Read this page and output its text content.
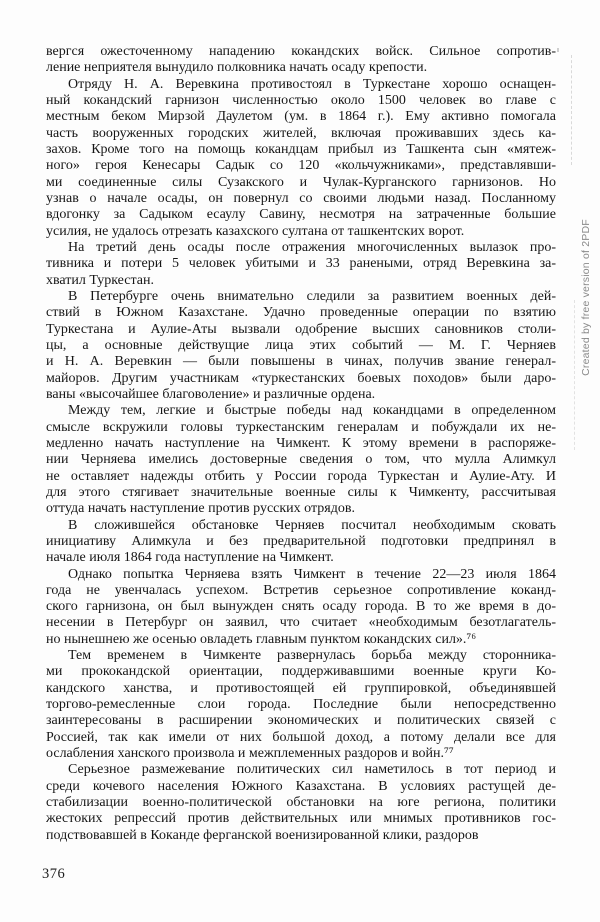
вергся ожесточенному нападению кокандских войск. Сильное сопротив-
ление неприятеля вынудило полковника начать осаду крепости.
Отряду Н. А. Веревкина противостоял в Туркестане хорошо оснащен-
ный кокандский гарнизон численностью около 1500 человек во главе с
местным беком Мирзой Даулетом (ум. в 1864 г.). Ему активно помогала
часть вооруженных городских жителей, включая проживавших здесь ка-
захов. Кроме того на помощь кокандцам прибыл из Ташкента сын «мятеж-
ного» героя Кенесары Садык со 120 «кольчужниками», представлявши-
ми соединенные силы Сузакского и Чулак-Курганского гарнизонов. Но
узнав о начале осады, он повернул со своими людьми назад. Посланному
вдогонку за Садыком есаулу Савину, несмотря на затраченные большие
усилия, не удалось отрезать казахского султана от ташкентских ворот.
На третий день осады после отражения многочисленных вылазок про-
тивника и потери 5 человек убитыми и 33 ранеными, отряд Веревкина за-
хватил Туркестан.
В Петербурге очень внимательно следили за развитием военных дей-
ствий в Южном Казахстане. Удачно проведенные операции по взятию
Туркестана и Аулие-Аты вызвали одобрение высших сановников столи-
цы, а основные действущие лица этих событий — М. Г. Черняев
и Н. А. Веревкин — были повышены в чинах, получив звание генерал-
майоров. Другим участникам «туркестанских боевых походов» были даро-
ваны «высочайшее благоволение» и различные ордена.
Между тем, легкие и быстрые победы над кокандцами в определенном
смысле вскружили головы туркестанским генералам и побуждали их не-
медленно начать наступление на Чимкент. К этому времени в распоряже-
нии Черняева имелись достоверные сведения о том, что мулла Алимкул
не оставляет надежды отбить у России города Туркестан и Аулие-Ату. И
для этого стягивает значительные военные силы к Чимкенту, рассчитывая
оттуда начать наступление против русских отрядов.
В сложившейся обстановке Черняев посчитал необходимым сковать
инициативу Алимкула и без предварительной подготовки предпринял в
начале июля 1864 года наступление на Чимкент.
Однако попытка Черняева взять Чимкент в течение 22—23 июля 1864
года не увенчалась успехом. Встретив серьезное сопротивление коканд-
ского гарнизона, он был вынужден снять осаду города. В то же время в до-
несении в Петербург он заявил, что считает «необходимым безотлагатель-
но нынешнею же осенью овладеть главным пунктом кокандских сил».⁷⁶
Тем временем в Чимкенте развернулась борьба между сторонника-
ми прококандской ориентации, поддерживавшими военные круги Ко-
кандского ханства, и противостоящей ей группировкой, объединявшей
торгово-ремесленные слои города. Последние были непосредственно
заинтересованы в расширении экономических и политических связей с
Россией, так как имели от них большой доход, а потому делали все для
ослабления ханского произвола и межплеменных раздоров и войн.⁷⁷
Серьезное размежевание политических сил наметилось в тот период и
среди кочевого населения Южного Казахстана. В условиях растущей де-
стабилизации военно-политической обстановки на юге региона, политики
жестоких репрессий против действительных или мнимых противников гос-
подствовавшей в Коканде ферганской военизированной клики, раздоров
376
Created by free version of 2PDF
